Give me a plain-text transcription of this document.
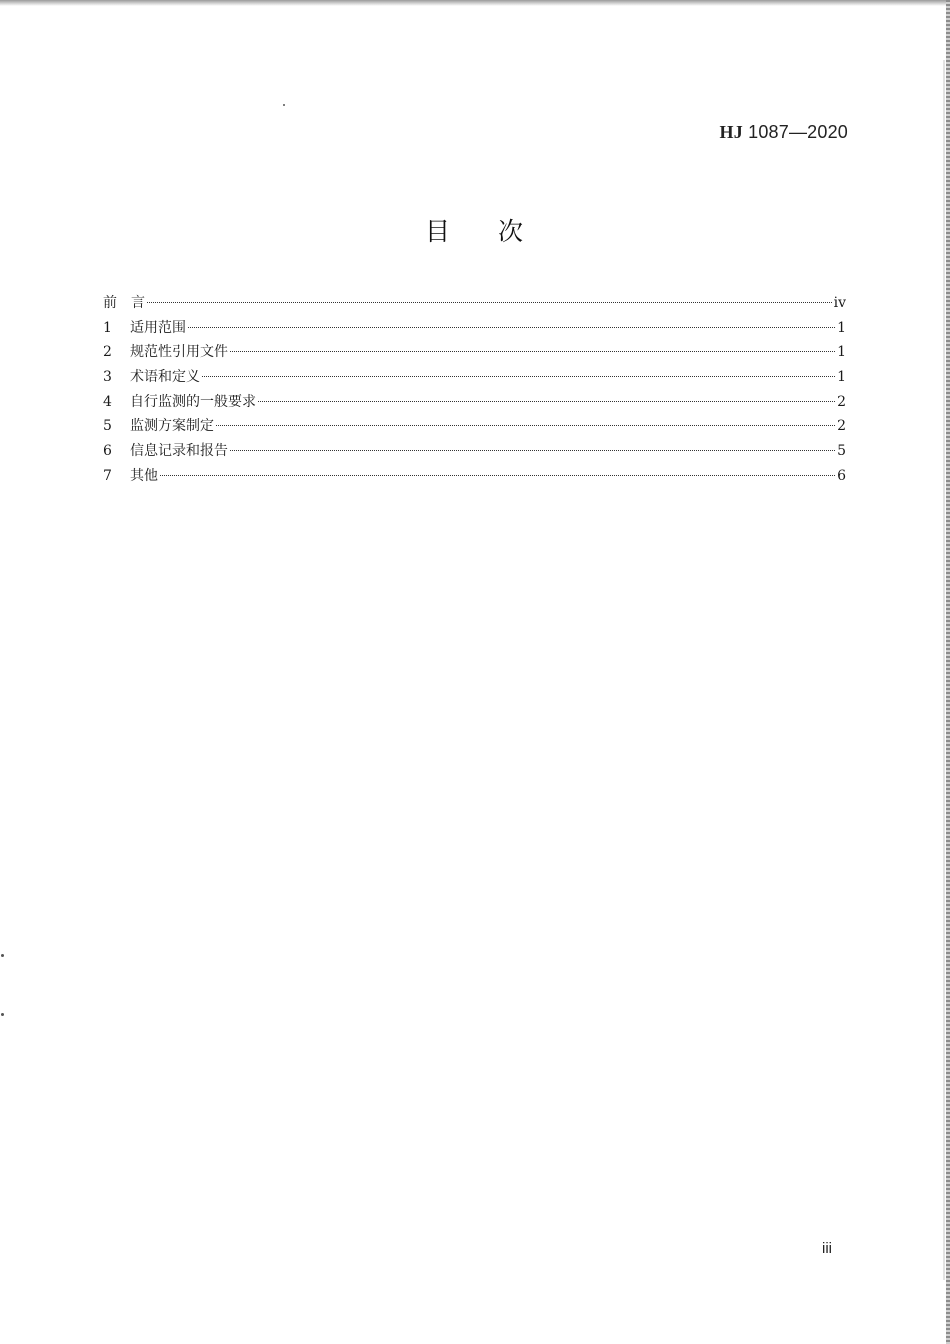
HJ 1087—2020
目 次
前 言	iv
1	适用范围	1
2	规范性引用文件	1
3	术语和定义	1
4	自行监测的一般要求	2
5	监测方案制定	2
6	信息记录和报告	5
7	其他	6
iii
